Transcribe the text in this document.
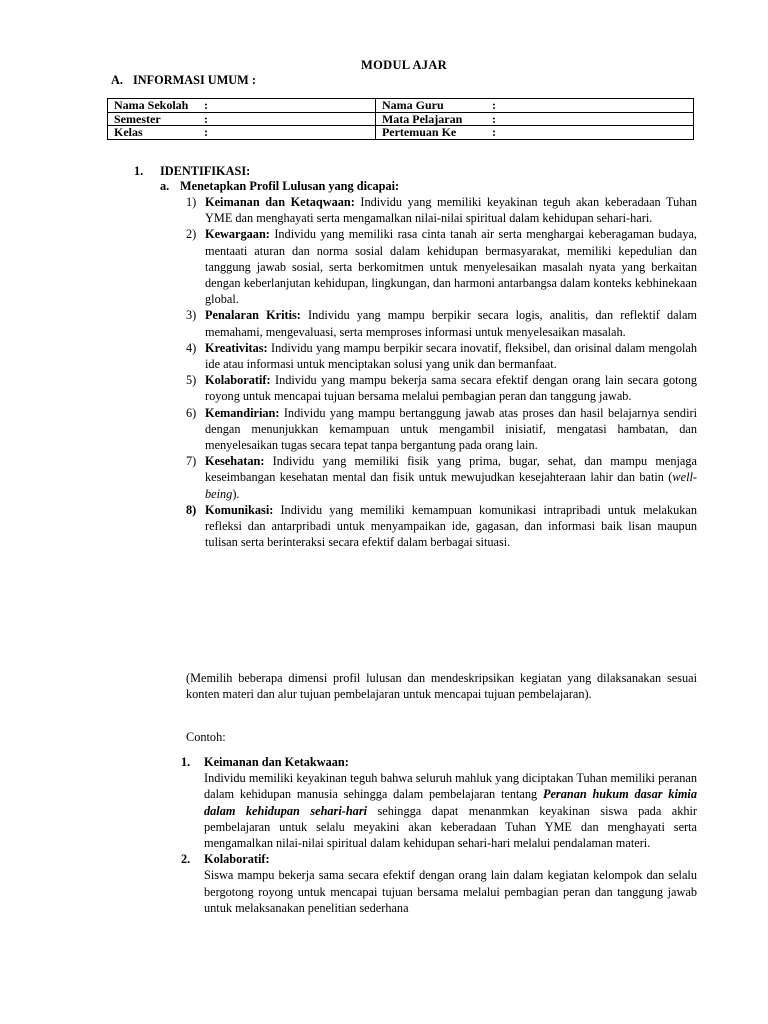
MODUL AJAR
A. INFORMASI UMUM :
Nama Sekolah :	Nama Guru :
Semester :	Mata Pelajaran :
Kelas :	Pertemuan Ke :
1. IDENTIFIKASI:
a. Menetapkan Profil Lulusan yang dicapai:
1) Keimanan dan Ketaqwaan: Individu yang memiliki keyakinan teguh akan keberadaan Tuhan YME dan menghayati serta mengamalkan nilai-nilai spiritual dalam kehidupan sehari-hari.
2) Kewargaan: Individu yang memiliki rasa cinta tanah air serta menghargai keberagaman budaya, mentaati aturan dan norma sosial dalam kehidupan bermasyarakat, memiliki kepedulian dan tanggung jawab sosial, serta berkomitmen untuk menyelesaikan masalah nyata yang berkaitan dengan keberlanjutan kehidupan, lingkungan, dan harmoni antarbangsa dalam konteks kebhinekaan global.
3) Penalaran Kritis: Individu yang mampu berpikir secara logis, analitis, dan reflektif dalam memahami, mengevaluasi, serta memproses informasi untuk menyelesaikan masalah.
4) Kreativitas: Individu yang mampu berpikir secara inovatif, fleksibel, dan orisinal dalam mengolah ide atau informasi untuk menciptakan solusi yang unik dan bermanfaat.
5) Kolaboratif: Individu yang mampu bekerja sama secara efektif dengan orang lain secara gotong royong untuk mencapai tujuan bersama melalui pembagian peran dan tanggung jawab.
6) Kemandirian: Individu yang mampu bertanggung jawab atas proses dan hasil belajarnya sendiri dengan menunjukkan kemampuan untuk mengambil inisiatif, mengatasi hambatan, dan menyelesaikan tugas secara tepat tanpa bergantung pada orang lain.
7) Kesehatan: Individu yang memiliki fisik yang prima, bugar, sehat, dan mampu menjaga keseimbangan kesehatan mental dan fisik untuk mewujudkan kesejahteraan lahir dan batin (well-being).
8) Komunikasi: Individu yang memiliki kemampuan komunikasi intrapribadi untuk melakukan refleksi dan antarpribadi untuk menyampaikan ide, gagasan, dan informasi baik lisan maupun tulisan serta berinteraksi secara efektif dalam berbagai situasi.
(Memilih beberapa dimensi profil lulusan dan mendeskripsikan kegiatan yang dilaksanakan sesuai konten materi dan alur tujuan pembelajaran untuk mencapai tujuan pembelajaran).
Contoh:
1. Keimanan dan Ketakwaan:
Individu memiliki keyakinan teguh bahwa seluruh mahluk yang diciptakan Tuhan memiliki peranan dalam kehidupan manusia sehingga dalam pembelajaran tentang Peranan hukum dasar kimia dalam kehidupan sehari-hari sehingga dapat menanmkan keyakinan siswa pada akhir pembelajaran untuk selalu meyakini akan keberadaan Tuhan YME dan menghayati serta mengamalkan nilai-nilai spiritual dalam kehidupan sehari-hari melalui pendalaman materi.
2. Kolaboratif:
Siswa mampu bekerja sama secara efektif dengan orang lain dalam kegiatan kelompok dan selalu bergotong royong untuk mencapai tujuan bersama melalui pembagian peran dan tanggung jawab untuk melaksanakan penelitian sederhana
